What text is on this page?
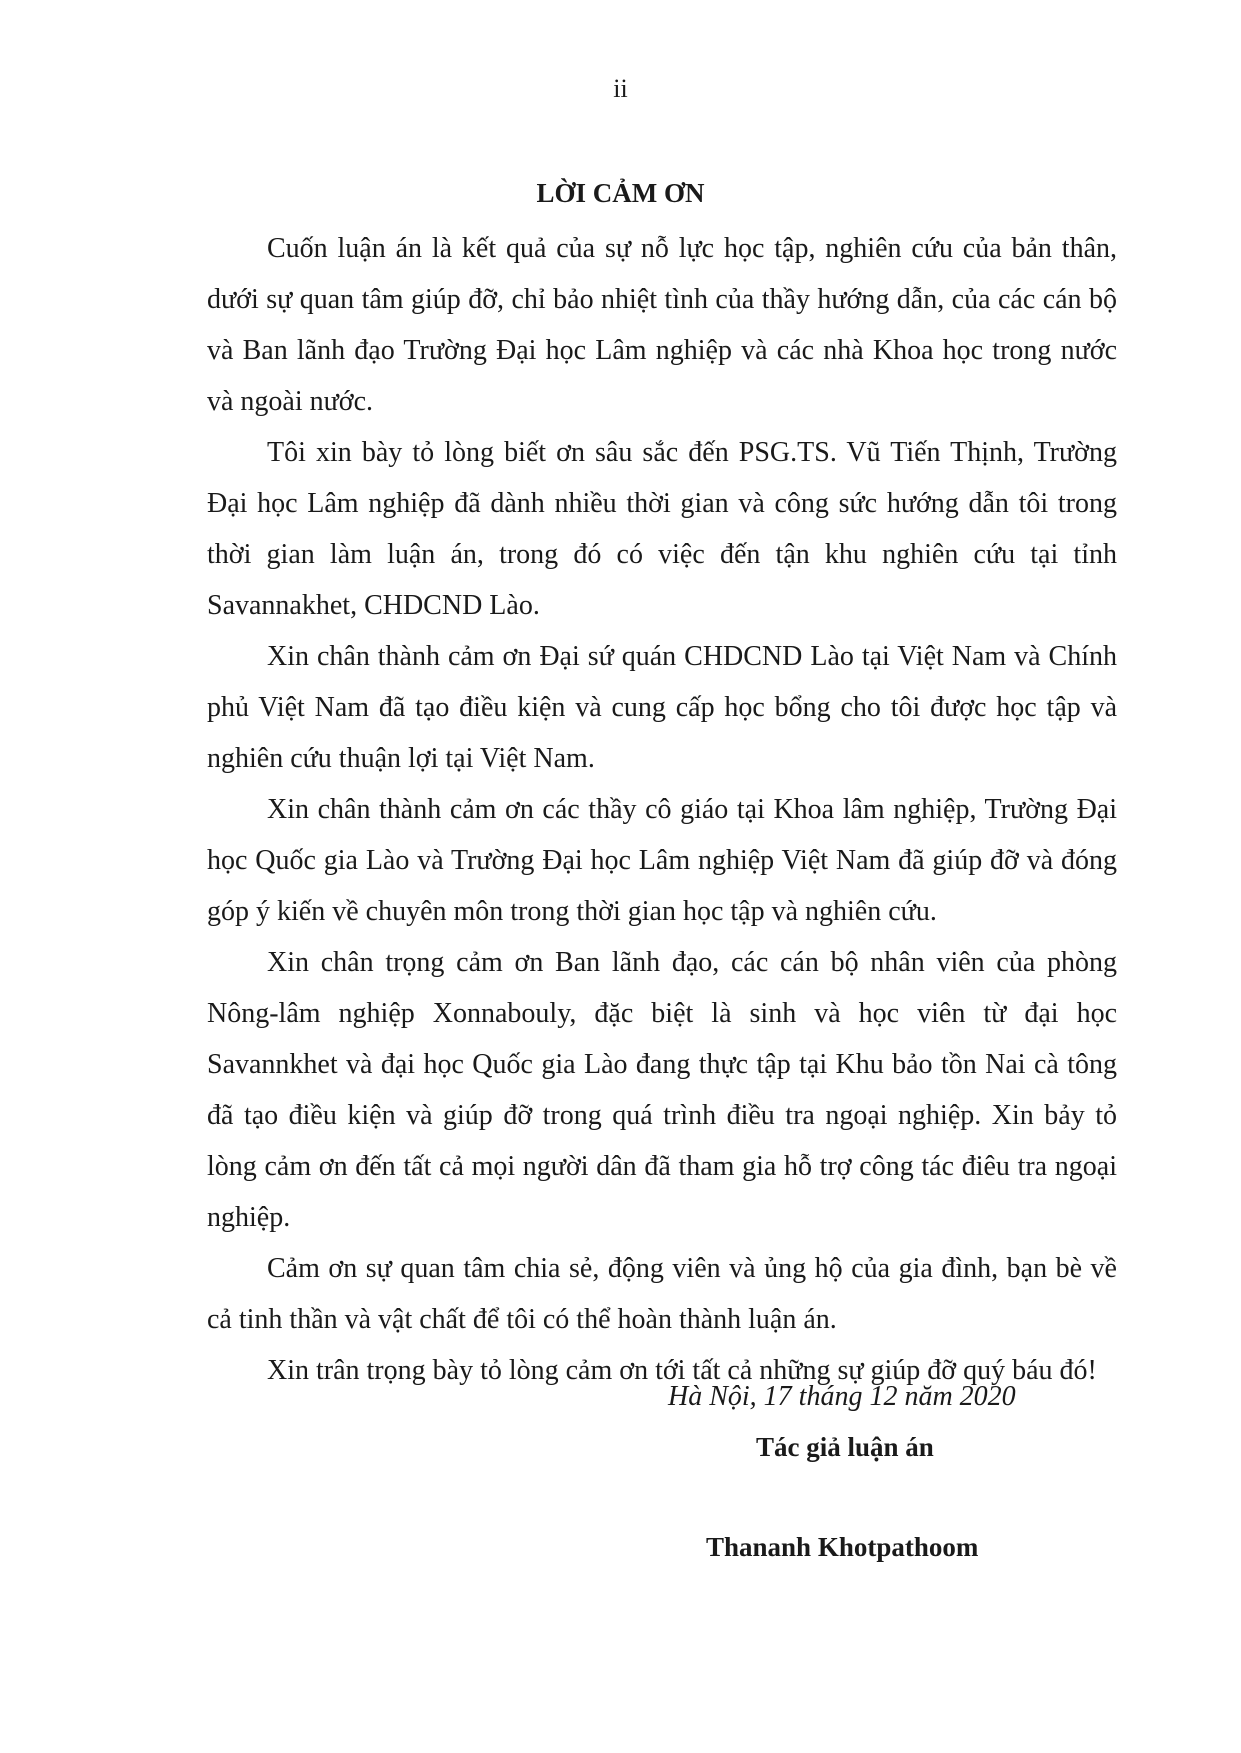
ii
LỜI CẢM ƠN

Cuốn luận án là kết quả của sự nỗ lực học tập, nghiên cứu của bản thân, dưới sự quan tâm giúp đỡ, chỉ bảo nhiệt tình của thầy hướng dẫn, của các cán bộ và Ban lãnh đạo Trường Đại học Lâm nghiệp và các nhà Khoa học trong nước và ngoài nước.

Tôi xin bày tỏ lòng biết ơn sâu sắc đến PSG.TS. Vũ Tiến Thịnh, Trường Đại học Lâm nghiệp đã dành nhiều thời gian và công sức hướng dẫn tôi trong thời gian làm luận án, trong đó có việc đến tận khu nghiên cứu tại tỉnh Savannakhet, CHDCND Lào.

Xin chân thành cảm ơn Đại sứ quán CHDCND Lào tại Việt Nam và Chính phủ Việt Nam đã tạo điều kiện và cung cấp học bổng cho tôi được học tập và nghiên cứu thuận lợi tại Việt Nam.

Xin chân thành cảm ơn các thầy cô giáo tại Khoa lâm nghiệp, Trường Đại học Quốc gia Lào và Trường Đại học Lâm nghiệp Việt Nam đã giúp đỡ và đóng góp ý kiến về chuyên môn trong thời gian học tập và nghiên cứu.

Xin chân trọng cảm ơn Ban lãnh đạo, các cán bộ nhân viên của phòng Nông-lâm nghiệp Xonnabouly, đặc biệt là sinh và học viên từ đại học Savannkhet và đại học Quốc gia Lào đang thực tập tại Khu bảo tồn Nai cà tông đã tạo điều kiện và giúp đỡ trong quá trình điều tra ngoại nghiệp. Xin bảy tỏ lòng cảm ơn đến tất cả mọi người dân đã tham gia hỗ trợ công tác điêu tra ngoại nghiệp.

Cảm ơn sự quan tâm chia sẻ, động viên và ủng hộ của gia đình, bạn bè về cả tinh thần và vật chất để tôi có thể hoàn thành luận án.

Xin trân trọng bày tỏ lòng cảm ơn tới tất cả những sự giúp đỡ quý báu đó!

Hà Nội, 17 tháng 12 năm 2020
Tác giả luận án
Thananh Khotpathoom
